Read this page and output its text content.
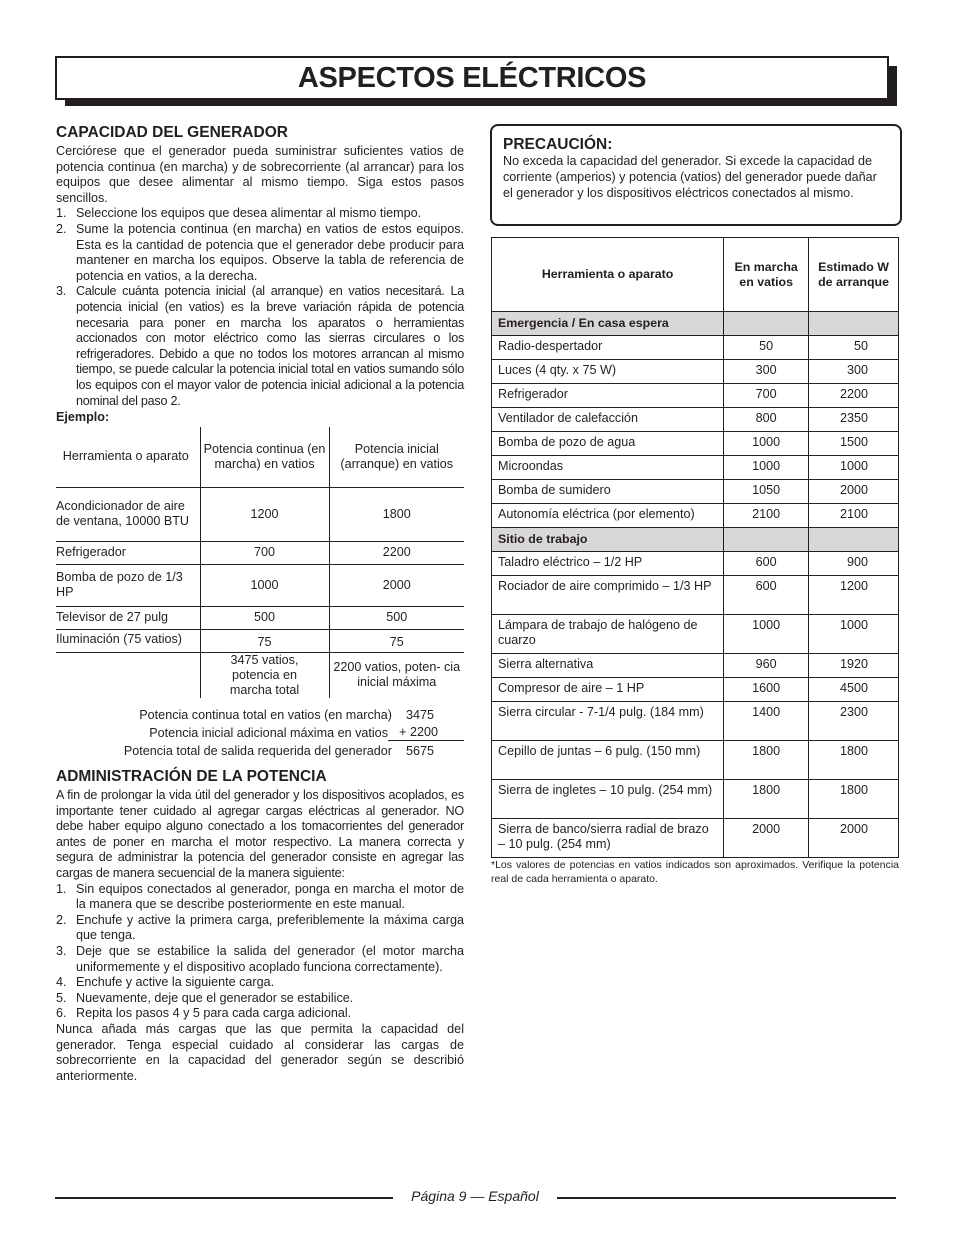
ASPECTOS ELÉCTRICOS
CAPACIDAD DEL GENERADOR

Cerciórese que el generador pueda suministrar suficientes vatios de potencia continua (en marcha) y de sobrecorriente (al arrancar) para los equipos que desee alimentar al mismo tiempo. Siga estos pasos sencillos.

1. Seleccione los equipos que desea alimentar al mismo tiempo.
2. Sume la potencia continua (en marcha) en vatios de estos equipos. Esta es la cantidad de potencia que el generador debe producir para mantener en marcha los equipos. Observe la tabla de referencia de potencia en vatios, a la derecha.
3. Calcule cuánta potencia inicial (al arranque) en vatios necesitará. La potencia inicial (en vatios) es la breve variación rápida de potencia necesaria para poner en marcha los aparatos o herramientas accionados con motor eléctrico como las sierras circulares o los refrigeradores. Debido a que no todos los motores arrancan al mismo tiempo, se puede calcular la potencia inicial total en vatios sumando sólo los equipos con el mayor valor de potencia inicial adicional a la potencia nominal del paso 2.
Ejemplo:
Herramienta o aparato	Potencia continua (en marcha) en vatios	Potencia inicial (arranque) en vatios
Acondicionador de aire de ventana, 10000 BTU	1200	1800
Refrigerador	700	2200
Bomba de pozo de 1/3 HP	1000	2000
Televisor de 27 pulg	500	500
Iluminación (75 vatios)	75	75
	3475 vatios, potencia en marcha total	2200 vatios, poten- cia inicial máxima
Potencia continua total en vatios (en marcha)	3475
Potencia inicial adicional máxima en vatios + 2200
Potencia total de salida requerida del generador	5675
ADMINISTRACIÓN DE LA POTENCIA

A fin de prolongar la vida útil del generador y los dispositivos acoplados, es importante tener cuidado al agregar cargas eléctricas al generador. NO debe haber equipo alguno conectado a los tomacorrientes del generador antes de poner en marcha el motor respectivo. La manera correcta y segura de administrar la potencia del generador consiste en agregar las cargas de manera secuencial de la manera siguiente:

1. Sin equipos conectados al generador, ponga en marcha el motor de la manera que se describe posteriormente en este manual.
2. Enchufe y active la primera carga, preferiblemente la máxima carga que tenga.
3. Deje que se estabilice la salida del generador (el motor marcha uniformemente y el dispositivo acoplado funciona correctamente).
4. Enchufe y active la siguiente carga.
5. Nuevamente, deje que el generador se estabilice.
6. Repita los pasos 4 y 5 para cada carga adicional.

Nunca añada más cargas que las que permita la capacidad del generador. Tenga especial cuidado al considerar las cargas de sobrecorriente en la capacidad del generador según se describió anteriormente.

PRECAUCIÓN:

No exceda la capacidad del generador. Si excede la capacidad de corriente (amperios) y potencia (vatios) del generador puede dañar el generador y los dispositivos eléctricos conectados al mismo.

Herramienta o aparato	En marcha en vatios	Estimado W de arranque
Emergencia / En casa espera		
Radio-despertador	50	50
Luces (4 qty. x 75 W)	300	300
Refrigerador	700	2200
Ventilador de calefacción	800	2350
Bomba de pozo de agua	1000	1500
Microondas	1000	1000
Bomba de sumidero	1050	2000
Autonomía eléctrica (por elemento)	2100	2100
Sitio de trabajo		
Taladro eléctrico – 1/2 HP	600	900
Rociador de aire comprimido – 1/3 HP	600	1200
Lámpara de trabajo de halógeno de cuarzo	1000	1000
Sierra alternativa	960	1920
Compresor de aire – 1 HP	1600	4500
Sierra circular - 7-1/4 pulg. (184 mm)	1400	2300
Cepillo de juntas – 6 pulg. (150 mm)	1800	1800
Sierra de ingletes – 10 pulg. (254 mm)	1800	1800
Sierra de banco/sierra radial de brazo – 10 pulg. (254 mm)	2000	2000

*Los valores de potencias en vatios indicados son aproximados. Verifique la potencia real de cada herramienta o aparato.

Página 9 — Español
